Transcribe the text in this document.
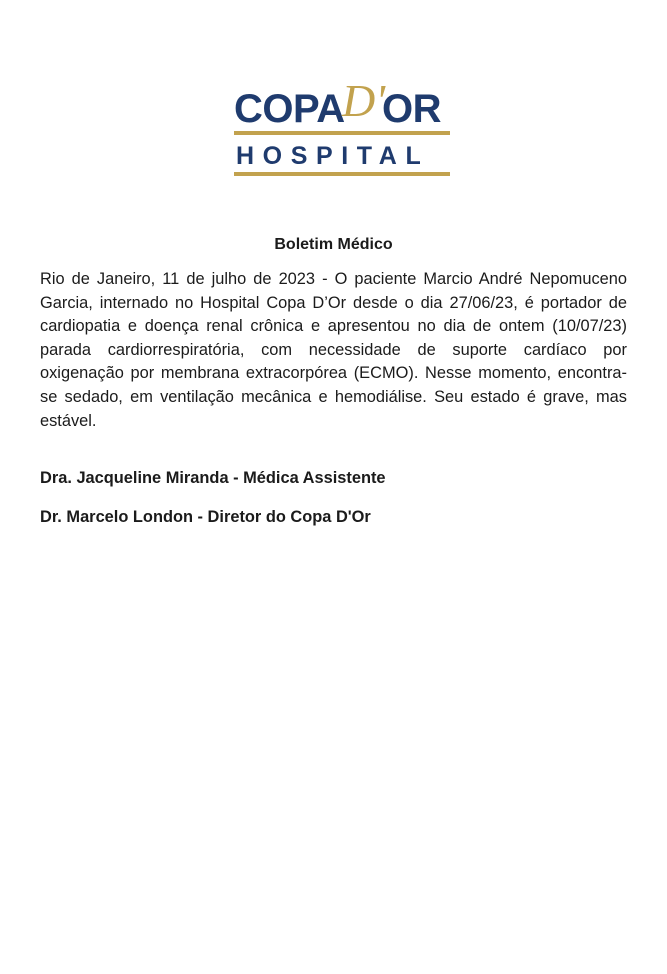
COPA
D'
OR
HOSPITAL
Boletim Médico

Rio de Janeiro, 11 de julho de 2023 - O paciente Marcio André Nepomuceno Garcia, internado no Hospital Copa D’Or desde o dia 27/06/23, é portador de cardiopatia e doença renal crônica e apresentou no dia de ontem (10/07/23) parada cardiorrespiratória, com necessidade de suporte cardíaco por oxigenação por membrana extracorpórea (ECMO). Nesse momento, encontra-se sedado, em ventilação mecânica e hemodiálise. Seu estado é grave, mas estável.

Dra. Jacqueline Miranda - Médica Assistente

Dr. Marcelo London - Diretor do Copa D'Or
